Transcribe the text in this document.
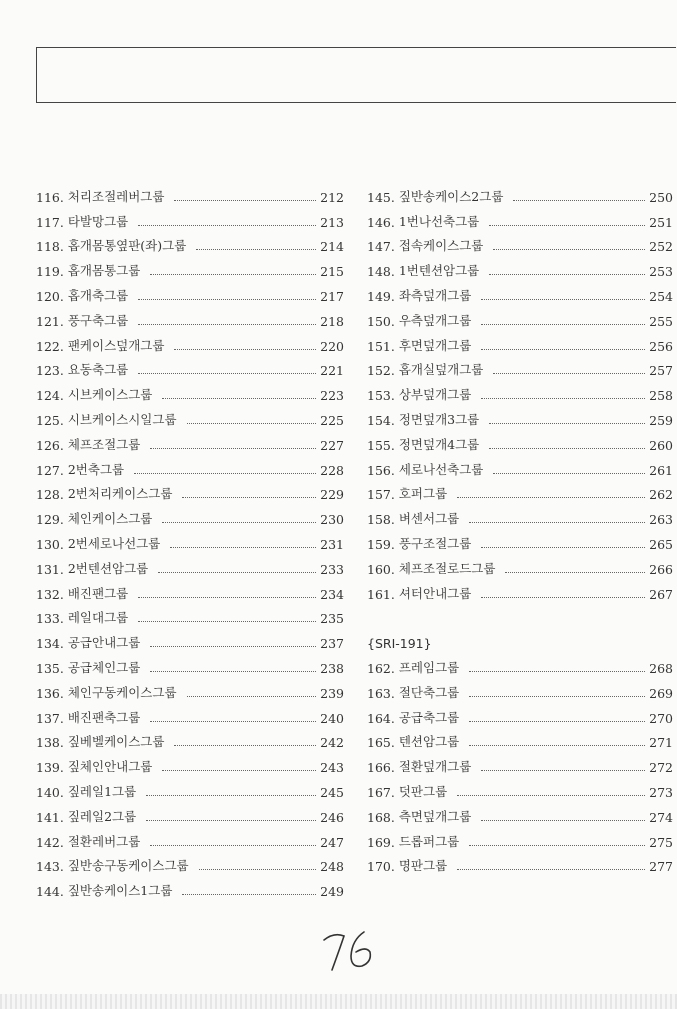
116. 처리조절레버그룹	212
117. 타발망그룹	213
118. 홉개몸통옆판(좌)그룹	214
119. 홉개몸통그룹	215
120. 홉개축그룹	217
121. 풍구축그룹	218
122. 팬케이스덮개그룹	220
123. 요동축그룹	221
124. 시브케이스그룹	223
125. 시브케이스시일그룹	225
126. 체프조절그룹	227
127. 2번축그룹	228
128. 2번처리케이스그룹	229
129. 체인케이스그룹	230
130. 2번세로나선그룹	231
131. 2번텐션암그룹	233
132. 배진팬그룹	234
133. 레일대그룹	235
134. 공급안내그룹	237
135. 공급체인그룹	238
136. 체인구동케이스그룹	239
137. 배진팬축그룹	240
138. 짚베벨케이스그룹	242
139. 짚체인안내그룹	243
140. 짚레일1그룹	245
141. 짚레일2그룹	246
142. 절환레버그룹	247
143. 짚반송구동케이스그룹	248
144. 짚반송케이스1그룹	249
145. 짚반송케이스2그룹	250
146. 1번나선축그룹	251
147. 접속케이스그룹	252
148. 1번텐션암그룹	253
149. 좌측덮개그룹	254
150. 우측덮개그룹	255
151. 후면덮개그룹	256
152. 홉개실덮개그룹	257
153. 상부덮개그룹	258
154. 정면덮개3그룹	259
155. 정면덮개4그룹	260
156. 세로나선축그룹	261
157. 호퍼그룹	262
158. 벼센서그룹	263
159. 풍구조절그룹	265
160. 체프조절로드그룹	266
161. 셔터안내그룹	267
{SRI-191}
162. 프레임그룹	268
163. 절단축그룹	269
164. 공급축그룹	270
165. 텐션암그룹	271
166. 절환덮개그룹	272
167. 덧판그룹	273
168. 측면덮개그룹	274
169. 드롭퍼그룹	275
170. 명판그룹	277
